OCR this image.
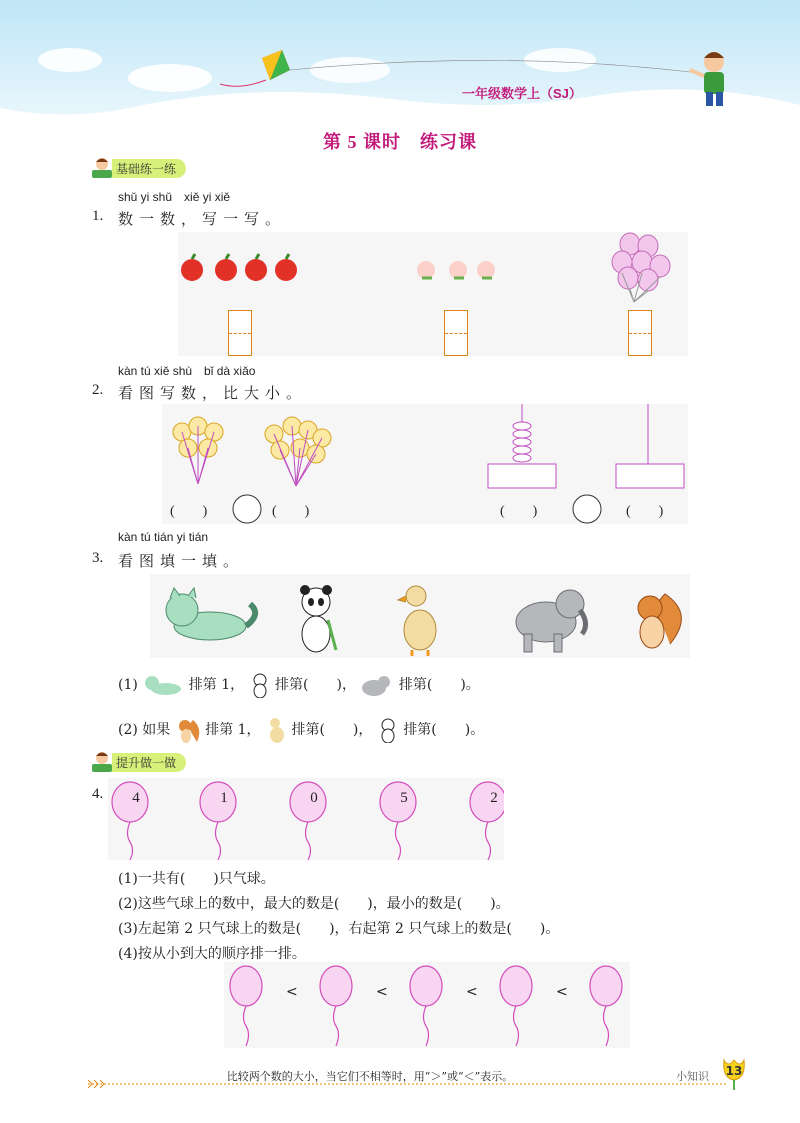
一年级数学上（SJ）
第 5 课时　练习课
基础练一练
shǔ yi shǔ　xiě yi xiě
1. 数一数，写一写。
kàn tú xiě shù　bǐ dà xiǎo
2. 看图写数，比大小。
(　　)	(　　)	(　　)	(　　)
kàn tú tián yi tián
3. 看图填一填。
(1)	排第 1， 排第(　　)，	排第(　　)。
(2) 如果 排第 1， 排第(　　)， 排第(　　)。
提升做一做
4.	4	1	0	5	2
(1)一共有(　　)只气球。
(2)这些气球上的数中，最大的数是(　　)，最小的数是(　　)。
(3)左起第 2 只气球上的数是(　　)，右起第 2 只气球上的数是(　　)。
(4)按从小到大的顺序排一排。
<	<	<	<
比较两个数的大小，当它们不相等时，用“＞”或“＜”表示。	小知识	13
